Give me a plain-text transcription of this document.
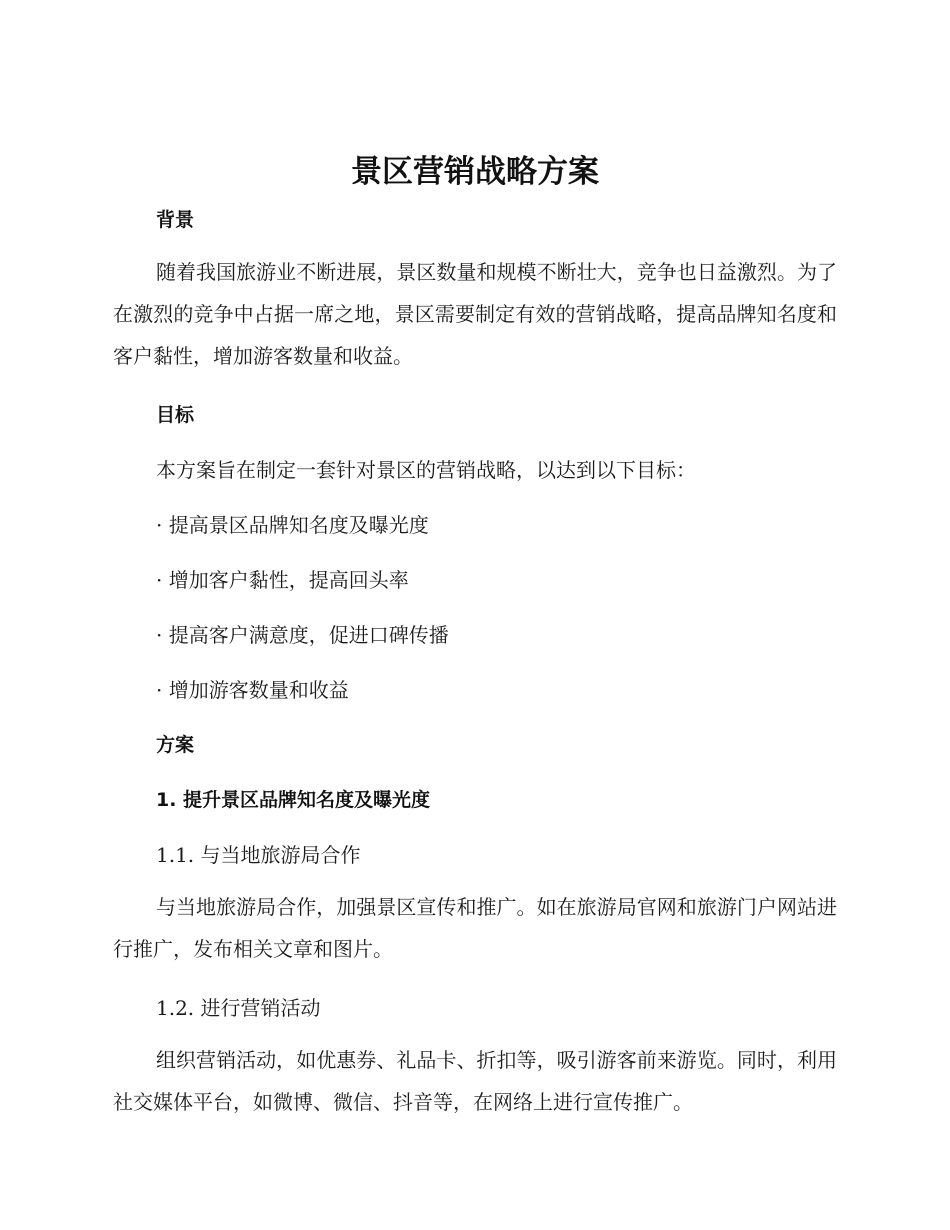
景区营销战略方案

背景

随着我国旅游业不断进展，景区数量和规模不断壮大，竞争也日益激烈。为了在激烈的竞争中占据一席之地，景区需要制定有效的营销战略，提高品牌知名度和客户黏性，增加游客数量和收益。

目标

本方案旨在制定一套针对景区的营销战略，以达到以下目标：

· 提高景区品牌知名度及曝光度

· 增加客户黏性，提高回头率

· 提高客户满意度，促进口碑传播

· 增加游客数量和收益

方案

1. 提升景区品牌知名度及曝光度

1.1. 与当地旅游局合作

与当地旅游局合作，加强景区宣传和推广。如在旅游局官网和旅游门户网站进行推广，发布相关文章和图片。

1.2. 进行营销活动

组织营销活动，如优惠券、礼品卡、折扣等，吸引游客前来游览。同时，利用社交媒体平台，如微博、微信、抖音等，在网络上进行宣传推广。
